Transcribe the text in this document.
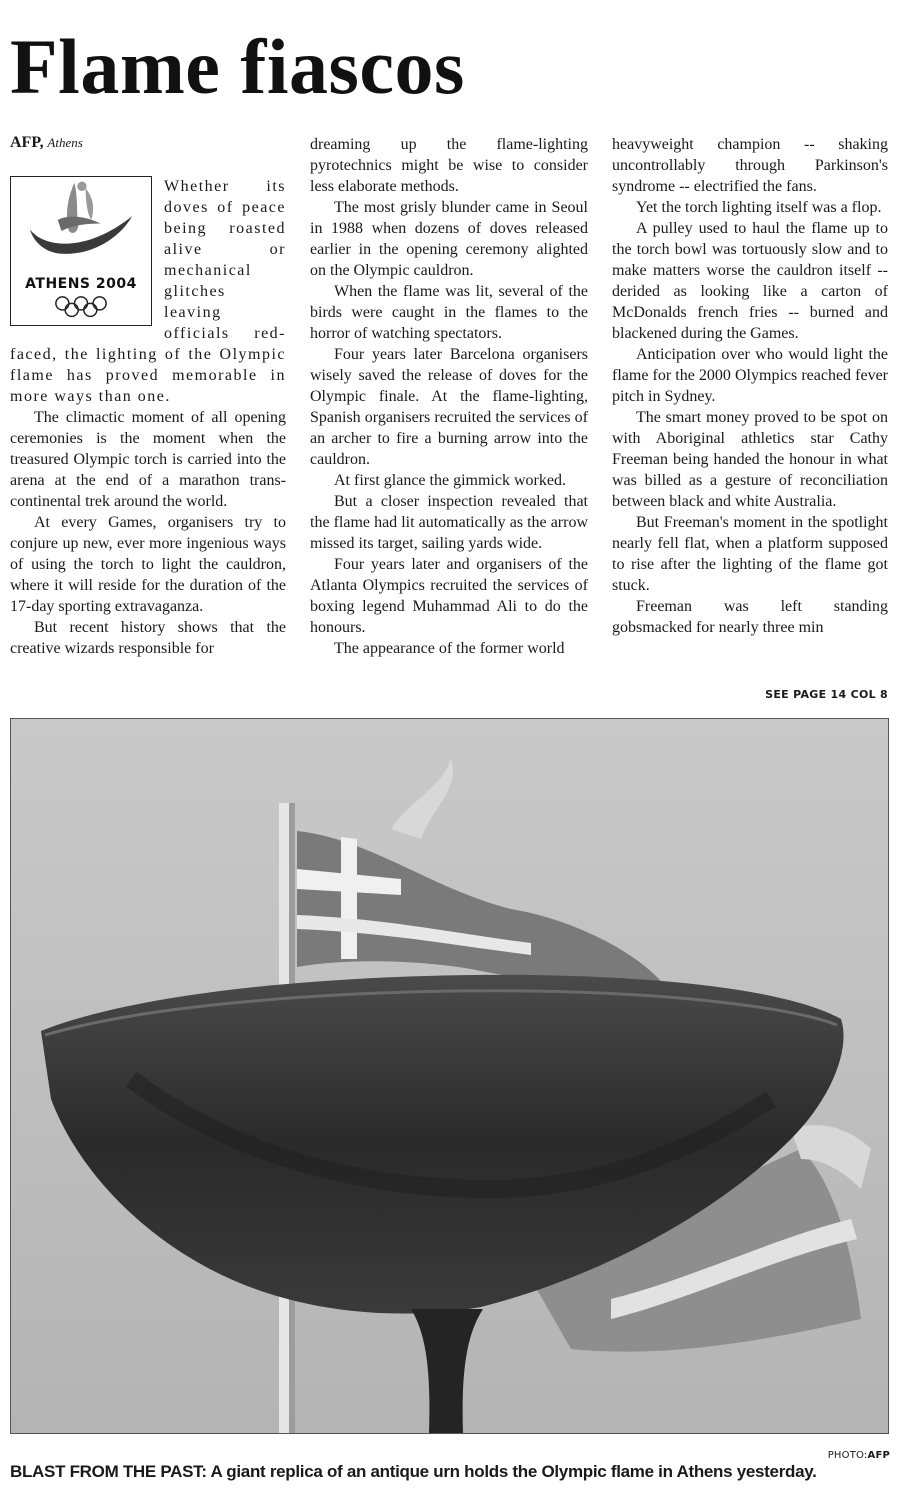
Flame fiascos
AFP, Athens
ATHENS 2004

Whether its doves of peace being roasted alive or mechanical glitches leaving officials red-faced, the lighting of the Olympic flame has proved memorable in more ways than one.

The climactic moment of all opening ceremonies is the moment when the treasured Olympic torch is carried into the arena at the end of a marathon trans-continental trek around the world.

At every Games, organisers try to conjure up new, ever more ingenious ways of using the torch to light the cauldron, where it will reside for the duration of the 17-day sporting extravaganza.

But recent history shows that the creative wizards responsible for

dreaming up the flame-lighting pyrotechnics might be wise to consider less elaborate methods.

The most grisly blunder came in Seoul in 1988 when dozens of doves released earlier in the opening ceremony alighted on the Olympic cauldron.

When the flame was lit, several of the birds were caught in the flames to the horror of watching spectators.

Four years later Barcelona organisers wisely saved the release of doves for the Olympic finale. At the flame-lighting, Spanish organisers recruited the services of an archer to fire a burning arrow into the cauldron.

At first glance the gimmick worked.

But a closer inspection revealed that the flame had lit automatically as the arrow missed its target, sailing yards wide.

Four years later and organisers of the Atlanta Olympics recruited the services of boxing legend Muhammad Ali to do the honours.

The appearance of the former world

heavyweight champion -- shaking uncontrollably through Parkinson's syndrome -- electrified the fans.

Yet the torch lighting itself was a flop.

A pulley used to haul the flame up to the torch bowl was tortuously slow and to make matters worse the cauldron itself -- derided as looking like a carton of McDonalds french fries -- burned and blackened during the Games.

Anticipation over who would light the flame for the 2000 Olympics reached fever pitch in Sydney.

The smart money proved to be spot on with Aboriginal athletics star Cathy Freeman being handed the honour in what was billed as a gesture of reconciliation between black and white Australia.

But Freeman's moment in the spotlight nearly fell flat, when a platform supposed to rise after the lighting of the flame got stuck.

Freeman was left standing gobsmacked for nearly three min

SEE PAGE 14 COL 8
PHOTO:AFP
BLAST FROM THE PAST: A giant replica of an antique urn holds the Olympic flame in Athens yesterday.
